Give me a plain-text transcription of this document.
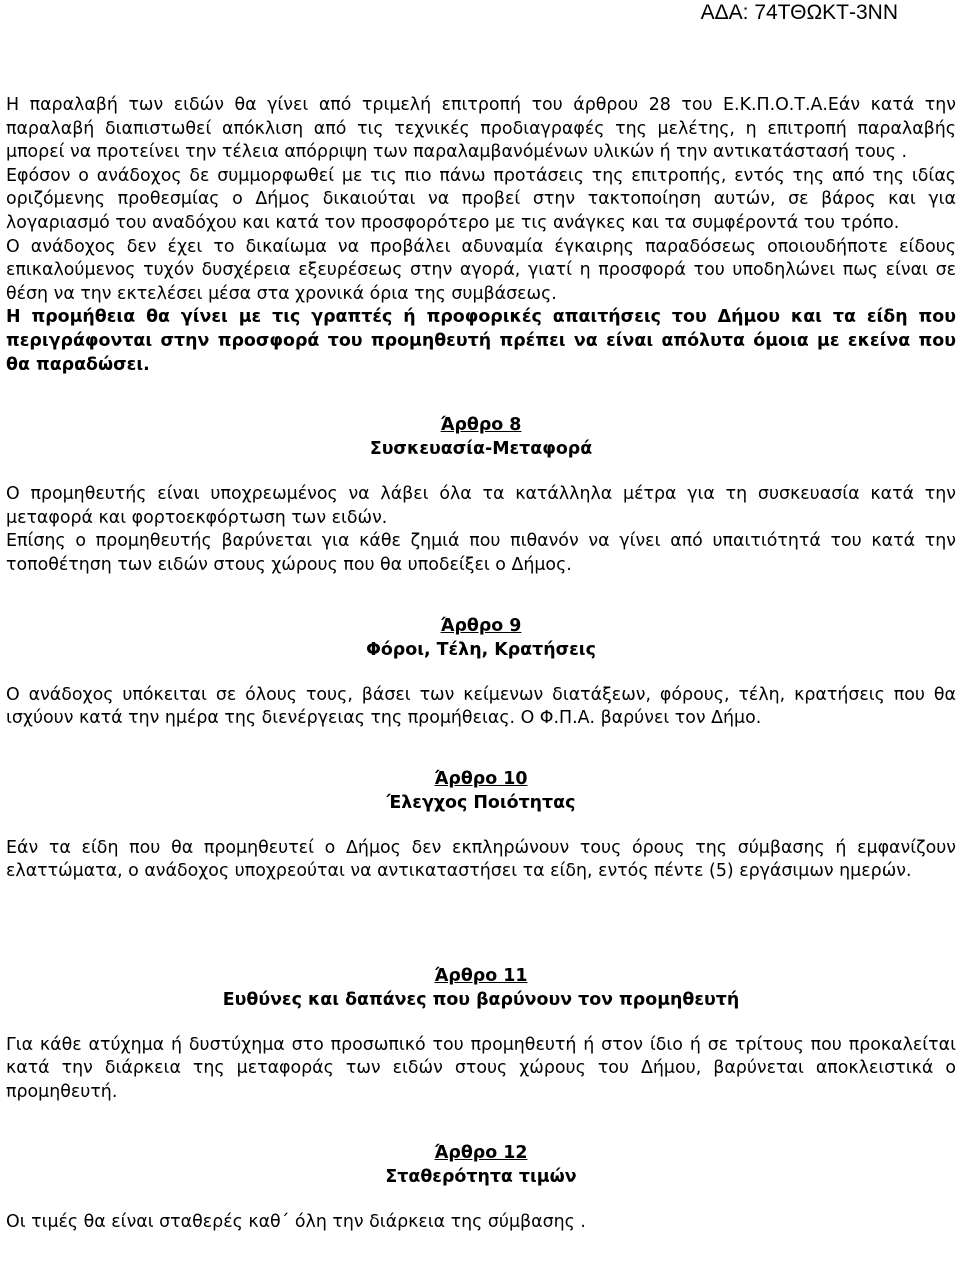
ΑΔΑ: 74ΤΘΩΚΤ-3ΝΝ

Η παραλαβή των ειδών θα γίνει από τριμελή επιτροπή του άρθρου 28 του Ε.Κ.Π.Ο.Τ.Α.Εάν κατά την παραλαβή διαπιστωθεί απόκλιση από τις τεχνικές προδιαγραφές της μελέτης, η επιτροπή παραλαβής μπορεί να προτείνει την τέλεια απόρριψη των παραλαμβανόμένων υλικών ή την αντικατάστασή τους .

Εφόσον ο ανάδοχος δε συμμορφωθεί με τις πιο πάνω προτάσεις της επιτροπής, εντός της από της ιδίας οριζόμενης προθεσμίας ο Δήμος δικαιούται να προβεί στην τακτοποίηση αυτών, σε βάρος και για λογαριασμό του αναδόχου και κατά τον προσφορότερο με τις ανάγκες και τα συμφέροντά του τρόπο.

Ο ανάδοχος δεν έχει το δικαίωμα να προβάλει αδυναμία έγκαιρης παραδόσεως οποιουδήποτε είδους επικαλούμενος τυχόν δυσχέρεια εξευρέσεως στην αγορά, γιατί η προσφορά του υποδηλώνει πως είναι σε θέση να την εκτελέσει μέσα στα χρονικά όρια της συμβάσεως.

Η προμήθεια θα γίνει με τις γραπτές ή προφορικές απαιτήσεις του Δήμου και τα είδη που περιγράφονται στην προσφορά του προμηθευτή πρέπει να είναι απόλυτα όμοια με εκείνα που θα παραδώσει.

Άρθρο 8
Συσκευασία-Μεταφορά

Ο προμηθευτής είναι υποχρεωμένος να λάβει όλα τα κατάλληλα μέτρα για τη συσκευασία κατά την μεταφορά και φορτοεκφόρτωση των ειδών.

Επίσης ο προμηθευτής βαρύνεται για κάθε ζημιά που πιθανόν να γίνει από υπαιτιότητά του κατά την τοποθέτηση των ειδών στους χώρους που θα υποδείξει ο Δήμος.

Άρθρο 9
Φόροι, Τέλη, Κρατήσεις

Ο ανάδοχος υπόκειται σε όλους τους, βάσει των κείμενων διατάξεων, φόρους, τέλη, κρατήσεις που θα ισχύουν κατά την ημέρα της διενέργειας της προμήθειας. Ο Φ.Π.Α. βαρύνει τον Δήμο.

Άρθρο 10
Έλεγχος Ποιότητας

Εάν τα είδη που θα προμηθευτεί ο Δήμος δεν εκπληρώνουν τους όρους της σύμβασης ή εμφανίζουν ελαττώματα, ο ανάδοχος υποχρεούται να αντικαταστήσει τα είδη, εντός πέντε (5) εργάσιμων ημερών.

Άρθρο 11
Ευθύνες και δαπάνες που βαρύνουν τον προμηθευτή

Για κάθε ατύχημα ή δυστύχημα στο προσωπικό του προμηθευτή ή στον ίδιο ή σε τρίτους που προκαλείται κατά την διάρκεια της μεταφοράς των ειδών στους χώρους του Δήμου, βαρύνεται αποκλειστικά ο προμηθευτή.

Άρθρο 12
Σταθερότητα τιμών

Οι τιμές θα είναι σταθερές καθ΄ όλη την διάρκεια της σύμβασης .
